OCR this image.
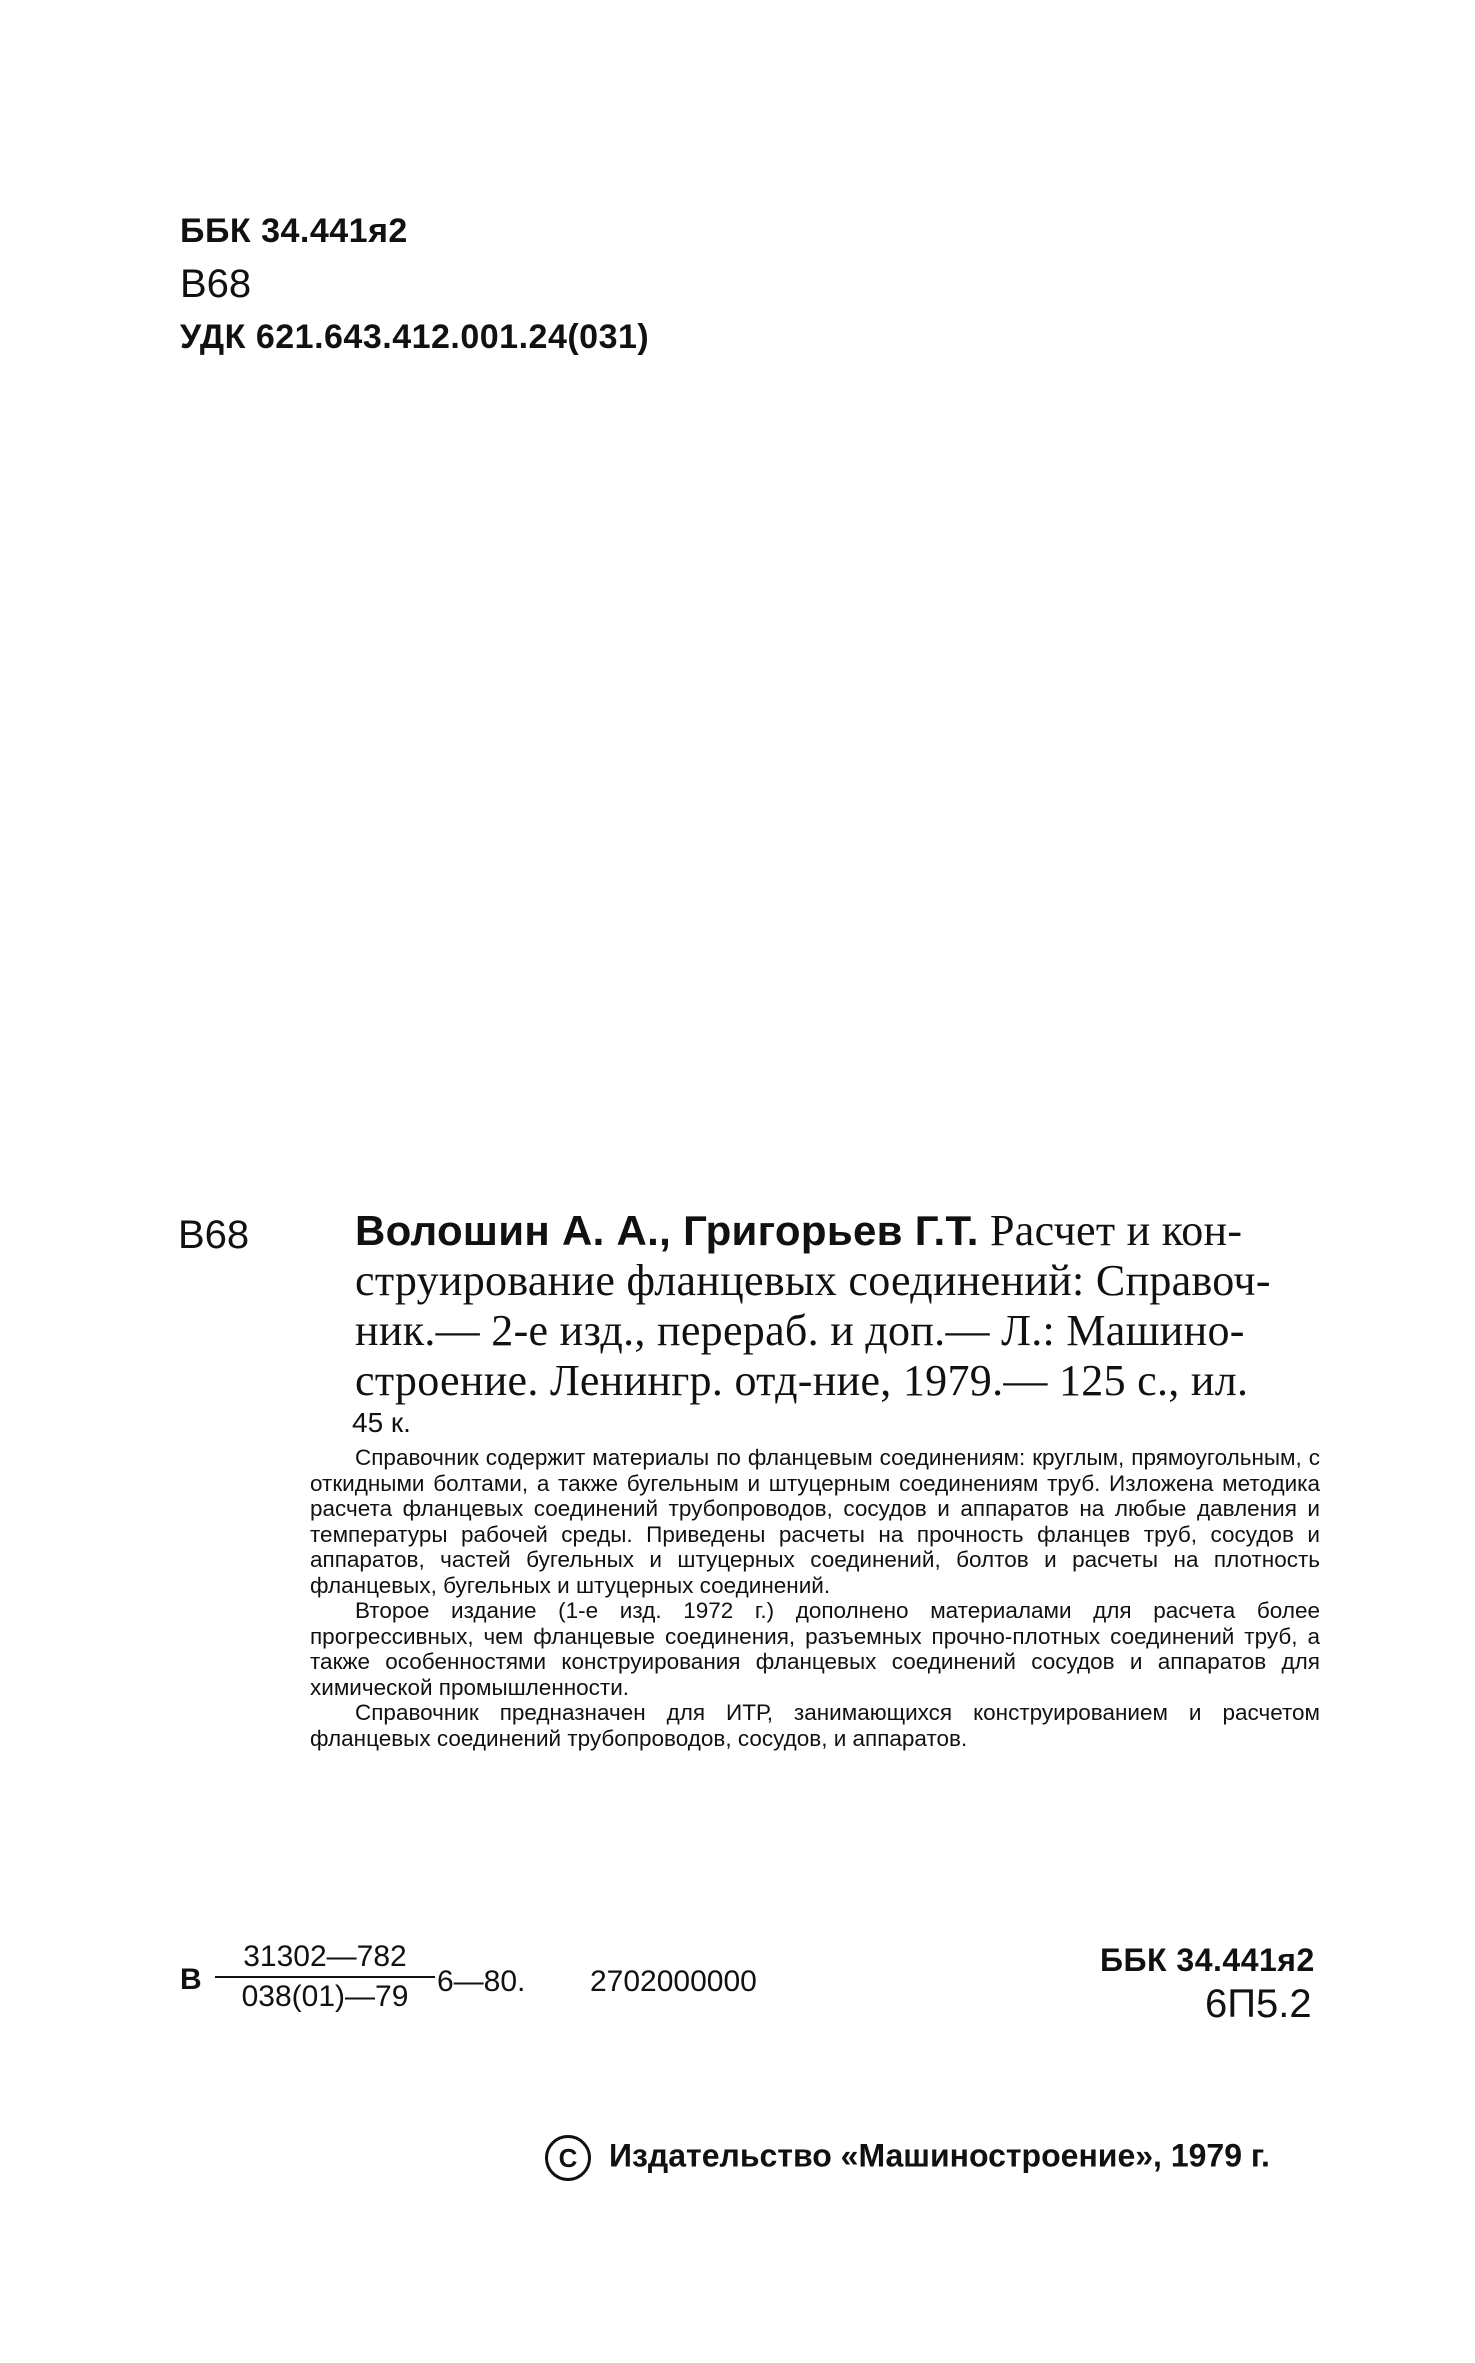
ББК 34.441я2
В68
УДК 621.643.412.001.24(031)
В68	Волошин А. А., Григорьев Г.Т. Расчет и кон-
струирование фланцевых соединений: Справоч-
ник.— 2-е изд., перераб. и доп.— Л.: Машино-
строение. Ленингр. отд-ние, 1979.— 125 с., ил.
45 к.

Справочник содержит материалы по фланцевым соединениям: круглым, прямоугольным, с откидными болтами, а также бугельным и штуцерным соединениям труб. Изложена методика расчета фланцевых соединений трубопроводов, сосудов и аппаратов на любые давления и температуры рабочей среды. Приведены расчеты на прочность фланцев труб, сосудов и аппаратов, частей бугельных и штуцерных соединений, болтов и расчеты на плотность фланцевых, бугельных и штуцерных соединений.

Второе издание (1-е изд. 1972 г.) дополнено материалами для расчета более прогрессивных, чем фланцевые соединения, разъемных прочно-плотных соединений труб, а также особенностями конструирования фланцевых соединений сосудов и аппаратов для химической промышленности.

Справочник предназначен для ИТР, занимающихся конструированием и расчетом фланцевых соединений трубопроводов, сосудов, и аппаратов.

В $\frac{31302—782}{038(01)—79}$ 6—80. 2702000000
ББК 34.441я2
6П5.2
C Издательство «Машиностроение», 1979 г.
